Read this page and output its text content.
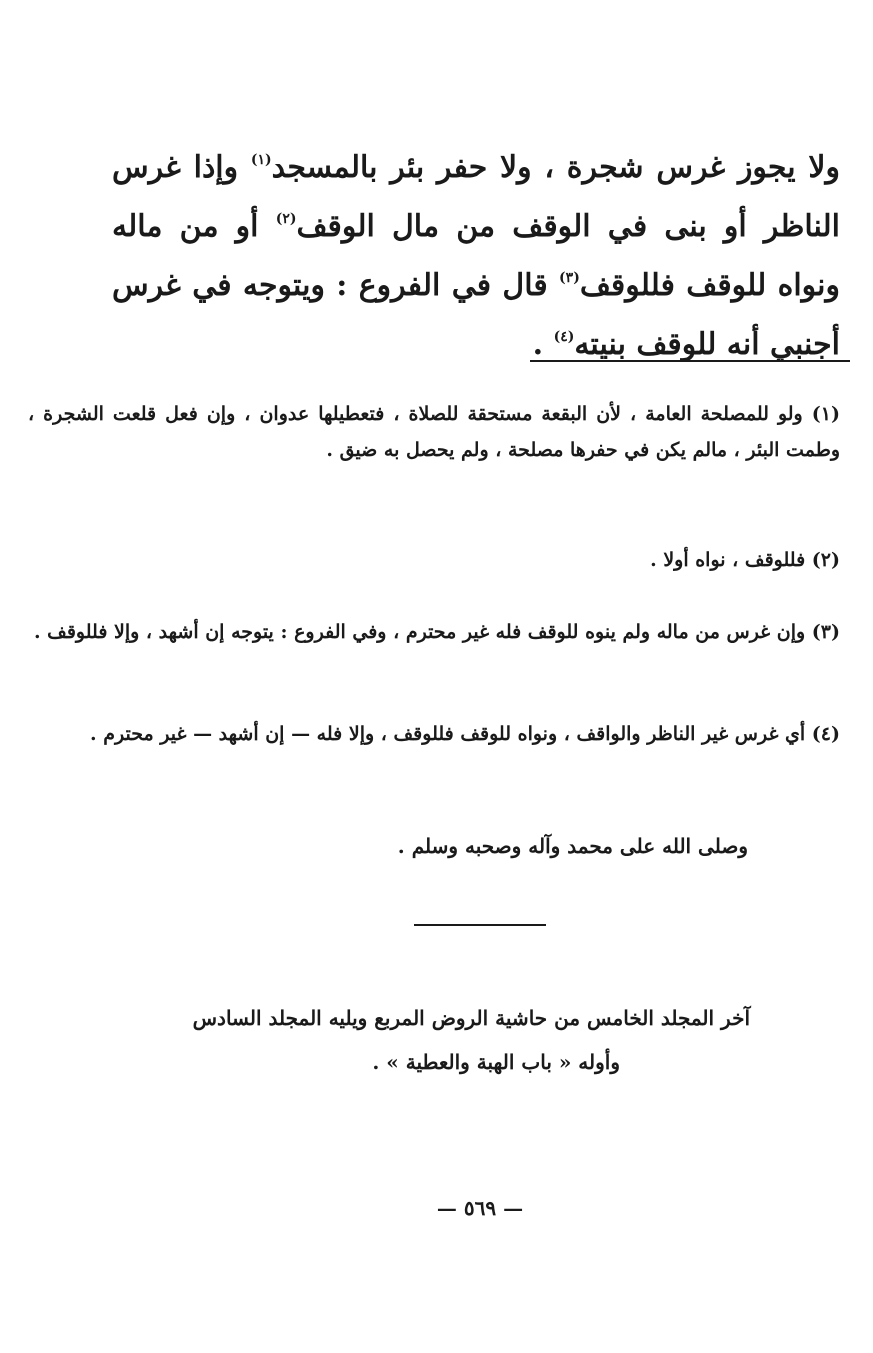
ولا يجوز غرس شجرة ، ولا حفر بئر بالمسجد$^{(١)}$ وإذا غرس الناظر أو بنى في الوقف من مال الوقف$^{(٢)}$ أو من ماله ونواه للوقف فللوقف$^{(٣)}$ قال في الفروع : ويتوجه في غرس أجنبي أنه للوقف بنيته$^{(٤)}$ .

(١) ولو للمصلحة العامة ، لأن البقعة مستحقة للصلاة ، فتعطيلها عدوان ، وإن فعل قلعت الشجرة ، وطمت البئر ، مالم يكن في حفرها مصلحة ، ولم يحصل به ضيق .

(٢) فللوقف ، نواه أولا .

(٣) وإن غرس من ماله ولم ينوه للوقف فله غير محترم ، وفي الفروع : يتوجه إن أشهد ، وإلا فللوقف .

(٤) أي غرس غير الناظر والواقف ، ونواه للوقف فللوقف ، وإلا فله — إن أشهد — غير محترم .

وصلى الله على محمد وآله وصحبه وسلم .

آخر المجلد الخامس من حاشية الروض المربع ويليه المجلد السادس
وأوله « باب الهبة والعطية » .

— ٥٦٩ —
